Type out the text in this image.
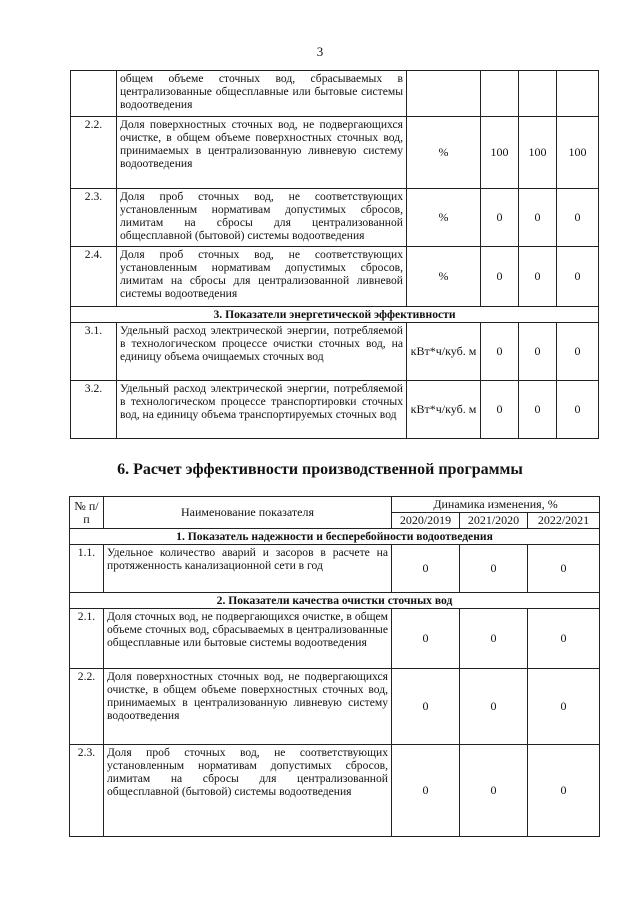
3
	общем объеме сточных вод, сбрасываемых в централизованные общесплавные или бытовые системы водоотведения				
2.2.	Доля поверхностных сточных вод, не подвергающихся очистке, в общем объеме поверхностных сточных вод, принимаемых в централизованную ливневую систему водоотведения	%	100	100	100
2.3.	Доля проб сточных вод, не соответствующих установленным нормативам допустимых сбросов, лимитам на сбросы для централизованной общесплавной (бытовой) системы водоотведения	%	0	0	0
2.4.	Доля проб сточных вод, не соответствующих установленным нормативам допустимых сбросов, лимитам на сбросы для централизованной ливневой системы водоотведения	%	0	0	0
3. Показатели энергетической эффективности					
3.1.	Удельный расход электрической энергии, потребляемой в технологическом процессе очистки сточных вод, на единицу объема очищаемых сточных вод	кВт*ч/куб. м	0	0	0
3.2.	Удельный расход электрической энергии, потребляемой в технологическом процессе транспортировки сточных вод, на единицу объема транспортируемых сточных вод	кВт*ч/куб. м	0	0	0
6. Расчет эффективности производственной программы
№ п/п	Наименование показателя	Динамика изменения, %		
		2020/2019	2021/2020	2022/2021
1. Показатель надежности и бесперебойности водоотведения				
1.1.	Удельное количество аварий и засоров в расчете на протяженность канализационной сети в год	0	0	0
2. Показатели качества очистки сточных вод				
2.1.	Доля сточных вод, не подвергающихся очистке, в общем объеме сточных вод, сбрасываемых в централизованные общесплавные или бытовые системы водоотведения	0	0	0
2.2.	Доля поверхностных сточных вод, не подвергающихся очистке, в общем объеме поверхностных сточных вод, принимаемых в централизованную ливневую систему водоотведения	0	0	0
2.3.	Доля проб сточных вод, не соответствующих установленным нормативам допустимых сбросов, лимитам на сбросы для централизованной общесплавной (бытовой) системы водоотведения	0	0	0
